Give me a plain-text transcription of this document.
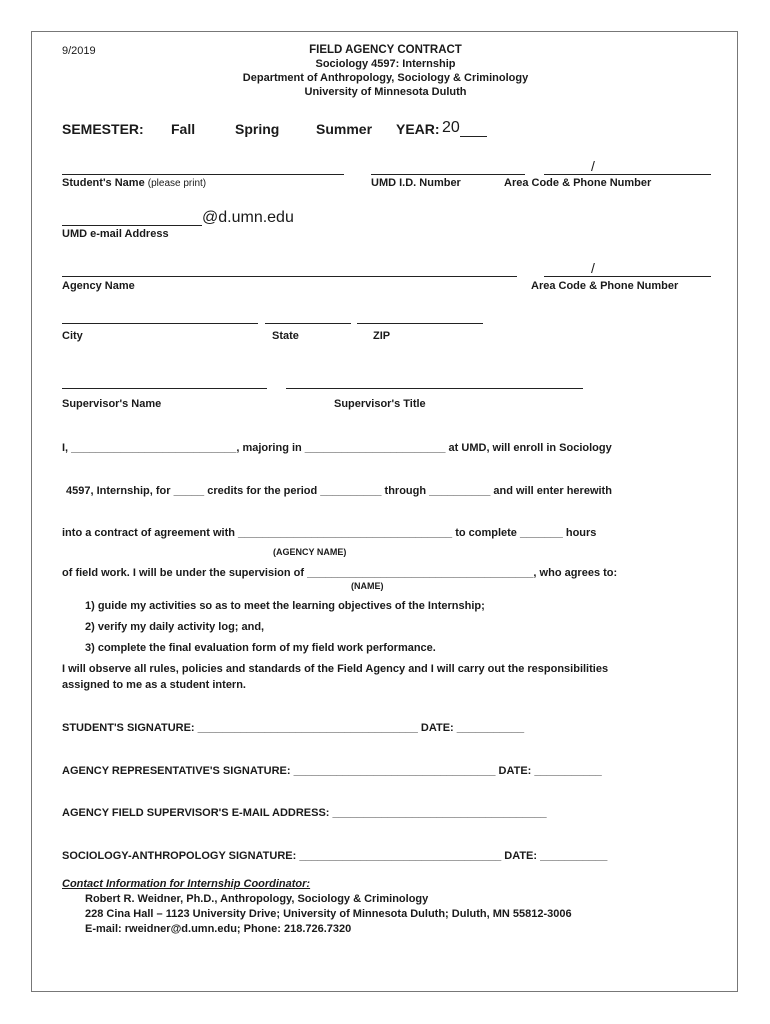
9/2019	FIELD AGENCY CONTRACT
Sociology 4597: Internship
Department of Anthropology, Sociology & Criminology
University of Minnesota Duluth
SEMESTER: Fall	Spring	Summer YEAR: 20
/
Student's Name (please print)	UMD I.D. Number	Area Code & Phone Number
@d.umn.edu
UMD e-mail Address
/
Agency Name	Area Code & Phone Number
City	State	ZIP
Supervisor's Name	Supervisor's Title
I, ___________________________, majoring in _______________________ at UMD, will enroll in Sociology
4597, Internship, for _____ credits for the period __________ through __________ and will enter herewith
into a contract of agreement with ___________________________________ to complete _______ hours
(AGENCY NAME)
of field work. I will be under the supervision of _____________________________________, who agrees to:
(NAME)
1) guide my activities so as to meet the learning objectives of the Internship;
2) verify my daily activity log; and,
3) complete the final evaluation form of my field work performance.
I will observe all rules, policies and standards of the Field Agency and I will carry out the responsibilities
assigned to me as a student intern.
STUDENT'S SIGNATURE: ____________________________________ DATE: ___________
AGENCY REPRESENTATIVE'S SIGNATURE: _________________________________ DATE: ___________
AGENCY FIELD SUPERVISOR'S E-MAIL ADDRESS: ___________________________________
SOCIOLOGY-ANTHROPOLOGY SIGNATURE: _________________________________ DATE: ___________
Contact Information for Internship Coordinator:
Robert R. Weidner, Ph.D., Anthropology, Sociology & Criminology
228 Cina Hall – 1123 University Drive; University of Minnesota Duluth; Duluth, MN 55812-3006
E-mail: rweidner@d.umn.edu; Phone: 218.726.7320
